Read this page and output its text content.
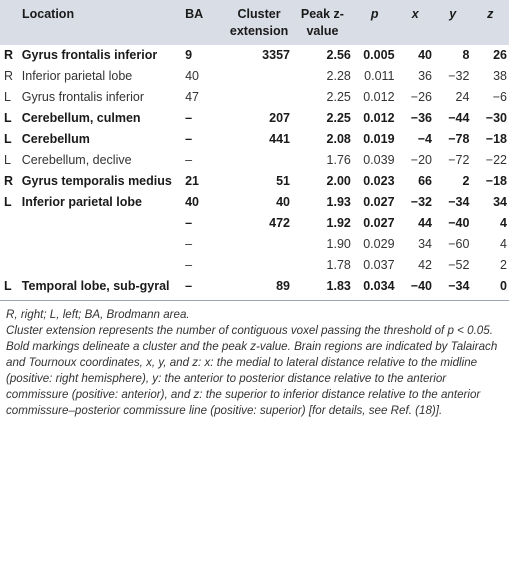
Location		BA	Cluster extension	Peak z-value	p	x	y	z
R	Gyrus frontalis inferior	9	3357	2.56	0.005	40	8	26
R	Inferior parietal lobe	40		2.28	0.011	36	−32	38
L	Gyrus frontalis inferior	47		2.25	0.012	−26	24	−6
L	Cerebellum, culmen	–	207	2.25	0.012	−36	−44	−30
L	Cerebellum	–	441	2.08	0.019	−4	−78	−18
L	Cerebellum, declive	–		1.76	0.039	−20	−72	−22
R	Gyrus temporalis medius	21	51	2.00	0.023	66	2	−18
L	Inferior parietal lobe	40	40	1.93	0.027	−32	−34	34
		–	472	1.92	0.027	44	−40	4
		–		1.90	0.029	34	−60	4
		–		1.78	0.037	42	−52	2
L	Temporal lobe, sub-gyral	–	89	1.83	0.034	−40	−34	0

R, right; L, left; BA, Brodmann area.

Cluster extension represents the number of contiguous voxel passing the threshold of p < 0.05. Bold markings delineate a cluster and the peak z-value. Brain regions are indicated by Talairach and Tournoux coordinates, x, y, and z: x: the medial to lateral distance relative to the midline (positive: right hemisphere), y: the anterior to posterior distance relative to the anterior commissure (positive: anterior), and z: the superior to inferior distance relative to the anterior commissure–posterior commissure line (positive: superior) [for details, see Ref. (18)].
